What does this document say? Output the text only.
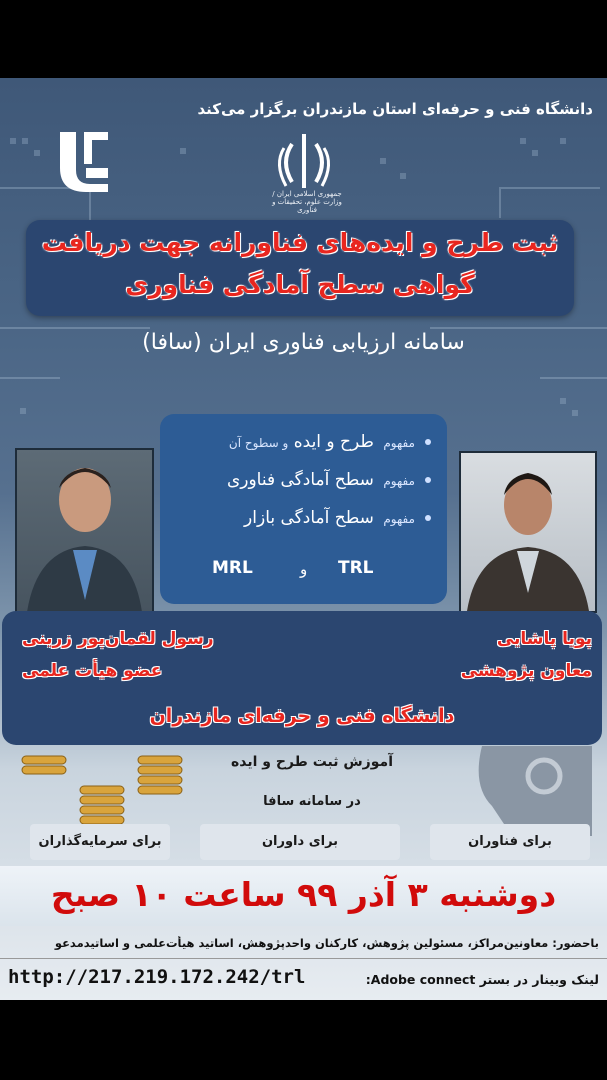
دانشگاه فنی و حرفه‌ای استان مازندران برگزار می‌کند
جمهوری اسلامی ایران / وزارت علوم، تحقیقات و فناوری
ثبت طرح و ایده‌های فناورانه جهت دریافت
گواهی سطح آمادگی فناوری
سامانه ارزیابی فناوری ایران (سافا)
مفهوم طرح و ایده و سطوح آن
مفهوم سطح آمادگی فناوری
مفهوم سطح آمادگی بازار
MRL	و TRL
رسول لقمان‌پور زرینی
عضو هیأت علمی
پویا پاشایی
معاون پژوهشی
دانشگاه فنی و حرفه‌ای مازندران
آموزش ثبت طرح و ایده
در سامانه سافا
برای سرمایه‌گذاران	برای داوران	برای فناوران
دوشنبه ۳ آذر ۹۹ ساعت ۱۰ صبح
باحضور: معاونین‌مراکز، مسئولین پژوهش، کارکنان واحدپژوهش، اساتید هیأت‌علمی و اساتیدمدعو
لینک وبینار در بستر Adobe connect:
http://217.219.172.242/trl
